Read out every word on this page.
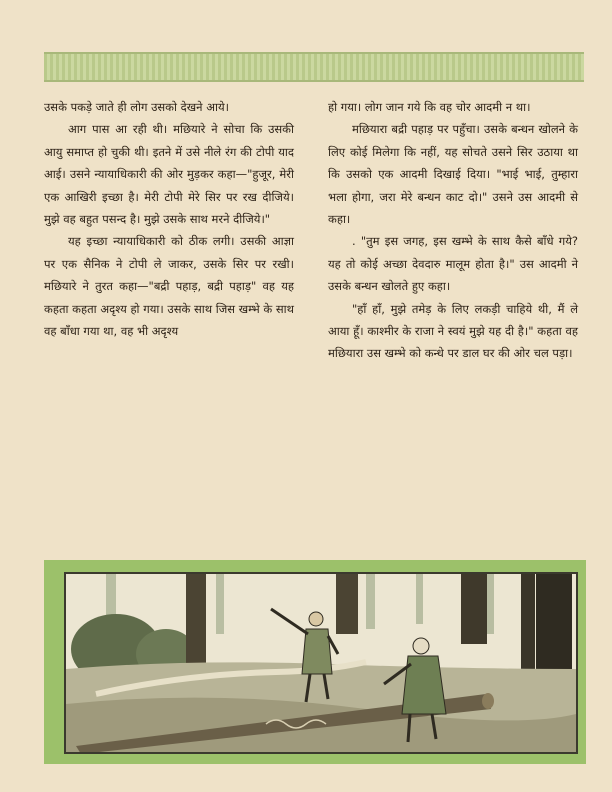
उसके पकड़े जाते ही लोग उसको देखने आये।

आग पास आ रही थी। मछियारे ने सोचा कि उसकी आयु समाप्त हो चुकी थी। इतने में उसे नीले रंग की टोपी याद आई। उसने न्यायाधिकारी की ओर मुड़कर कहा—"हुजूर, मेरी एक आखिरी इच्छा है। मेरी टोपी मेरे सिर पर रख दीजिये। मुझे वह बहुत पसन्द है। मुझे उसके साथ मरने दीजिये।"

यह इच्छा न्यायाधिकारी को ठीक लगी। उसकी आज्ञा पर एक सैनिक ने टोपी ले जाकर, उसके सिर पर रखी। मछियारे ने तुरत कहा—"बद्री पहाड़, बद्री पहाड़" वह यह कहता कहता अदृश्य हो गया। उसके साथ जिस खम्भे के साथ वह बाँधा गया था, वह भी अदृश्य

हो गया। लोग जान गये कि वह चोर आदमी न था।

मछियारा बद्री पहाड़ पर पहुँचा। उसके बन्धन खोलने के लिए कोई मिलेगा कि नहीं, यह सोचते उसने सिर उठाया था कि उसको एक आदमी दिखाई दिया। "भाई भाई, तुम्हारा भला होगा, जरा मेरे बन्धन काट दो।" उसने उस आदमी से कहा।

. "तुम इस जगह, इस खम्भे के साथ कैसे बाँधे गये? यह तो कोई अच्छा देवदारु मालूम होता है।" उस आदमी ने उसके बन्धन खोलते हुए कहा।

"हाँ हाँ, मुझे तमेड़ के लिए लकड़ी चाहिये थी, मैं ले आया हूँ। काश्मीर के राजा ने स्वयं मुझे यह दी है।" कहता वह मछियारा उस खम्भे को कन्धे पर डाल घर की ओर चल पड़ा।
